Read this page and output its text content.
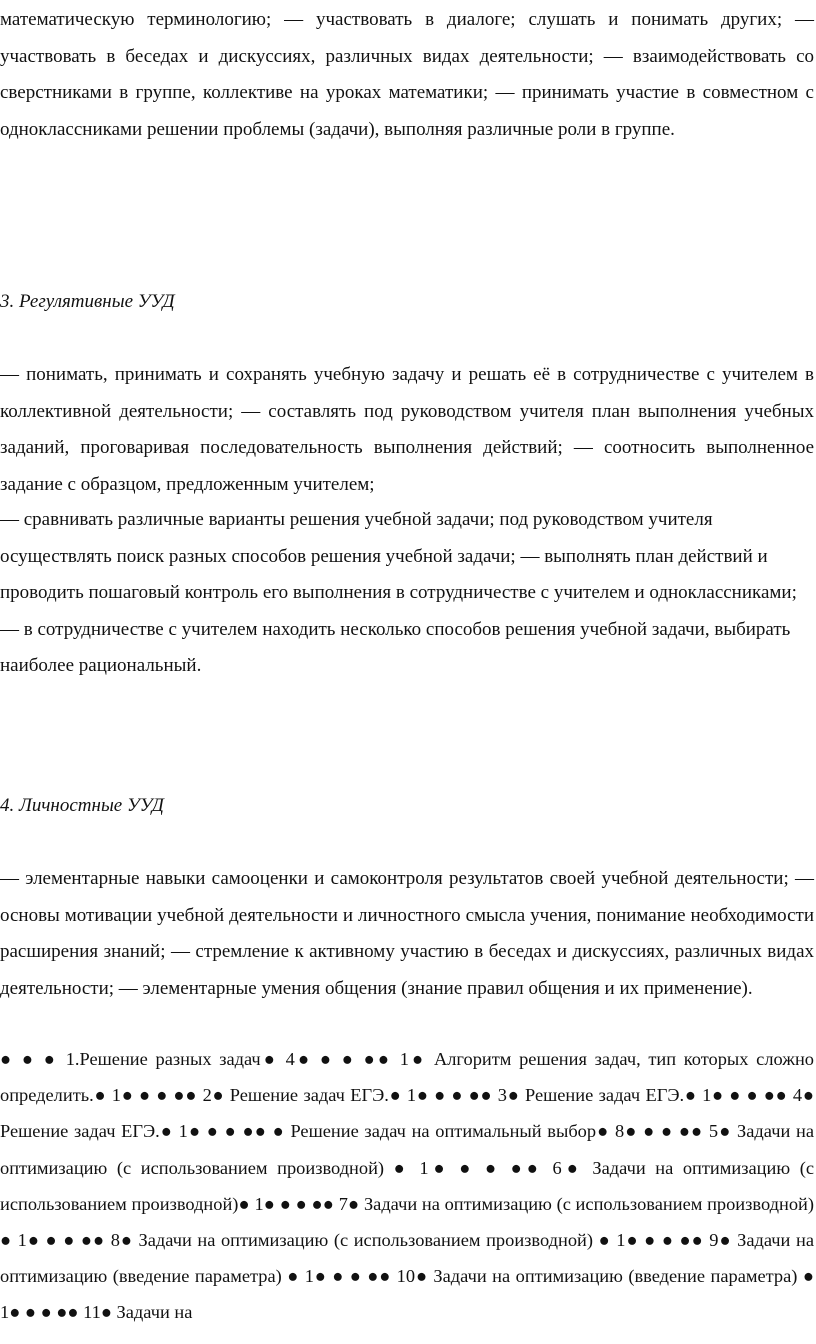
математическую терминологию; — участвовать в диалоге; слушать и понимать других; — участвовать в беседах и дискуссиях, различных видах деятельности; — взаимодействовать со сверстниками в группе, коллективе на уроках математики; — принимать участие в совместном с одноклассниками решении проблемы (задачи), выполняя различные роли в группе.

3. Регулятивные УУД

— понимать, принимать и сохранять учебную задачу и решать её в сотрудничестве с учителем в коллективной деятельности; — составлять под руководством учителя план выполнения учебных заданий, проговаривая последовательность выполнения действий; — соотносить выполненное задание с образцом, предложенным учителем;

— сравнивать различные варианты решения учебной задачи; под руководством учителя осуществлять поиск разных способов решения учебной задачи; — выполнять план действий и проводить пошаговый контроль его выполнения в сотрудничестве с учителем и одноклассниками; — в сотрудничестве с учителем находить несколько способов решения учебной задачи, выбирать наиболее рациональный.

4. Личностные УУД

— элементарные навыки самооценки и самоконтроля результатов своей учебной деятельности; — основы мотивации учебной деятельности и личностного смысла учения, понимание необходимости расширения знаний; — стремление к активному участию в беседах и дискуссиях, различных видах деятельности; — элементарные умения общения (знание правил общения и их применение).

● ● ● 1.Решение разных задач● 4● ● ● ●● 1● Алгоритм решения задач, тип которых сложно определить.● 1● ● ● ●● 2● Решение задач ЕГЭ.● 1● ● ● ●● 3● Решение задач ЕГЭ.● 1● ● ● ●● 4● Решение задач ЕГЭ.● 1● ● ● ●● ● Решение задач на оптимальный выбор● 8● ● ● ●● 5● Задачи на оптимизацию (с использованием производной) ● 1● ● ● ●● 6● Задачи на оптимизацию (с использованием производной)● 1● ● ● ●● 7● Задачи на оптимизацию (с использованием производной) ● 1● ● ● ●● 8● Задачи на оптимизацию (с использованием производной) ● 1● ● ● ●● 9● Задачи на оптимизацию (введение параметра) ● 1● ● ● ●● 10● Задачи на оптимизацию (введение параметра) ● 1● ● ● ●● 11● Задачи на
